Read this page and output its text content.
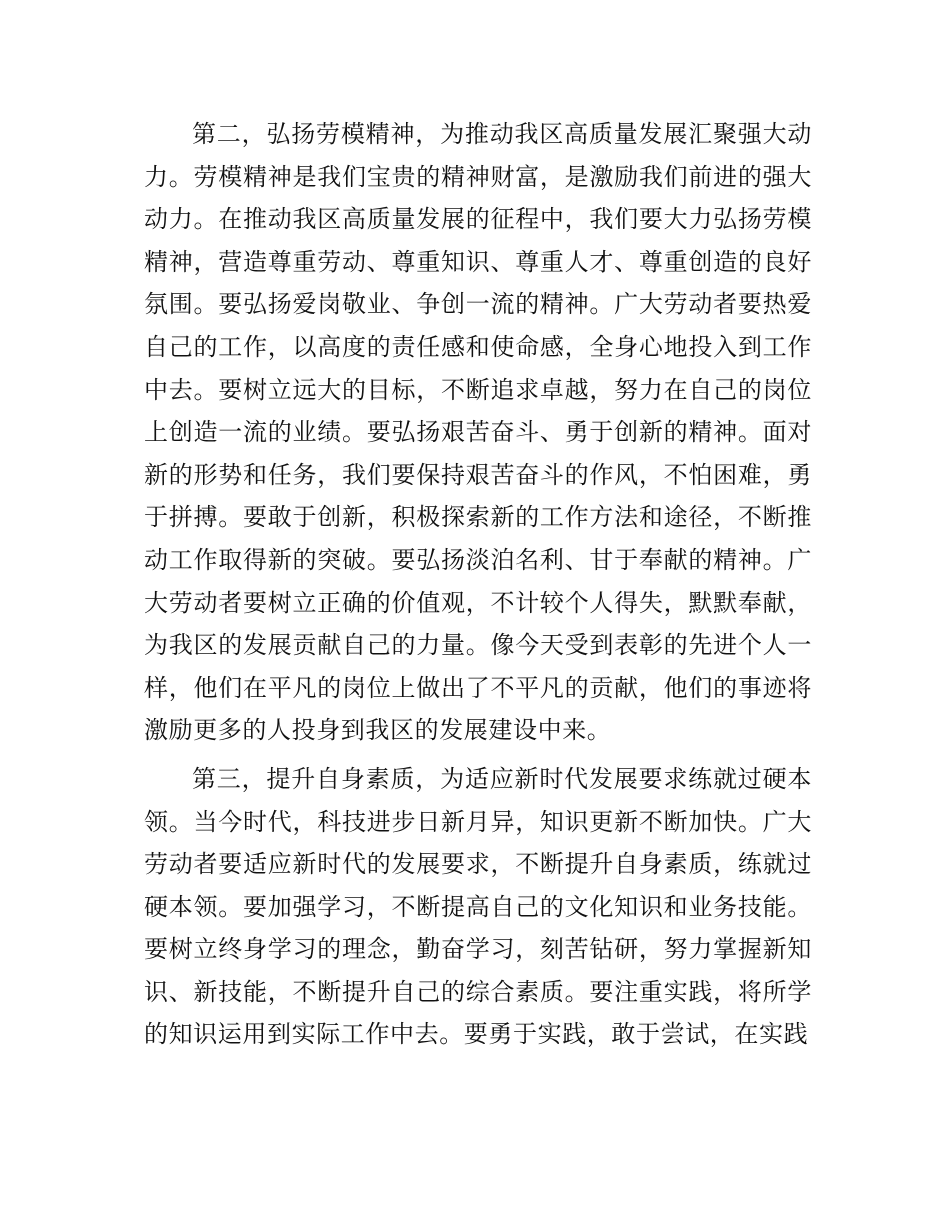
第二，弘扬劳模精神，为推动我区高质量发展汇聚强大动力。劳模精神是我们宝贵的精神财富，是激励我们前进的强大动力。在推动我区高质量发展的征程中，我们要大力弘扬劳模精神，营造尊重劳动、尊重知识、尊重人才、尊重创造的良好氛围。要弘扬爱岗敬业、争创一流的精神。广大劳动者要热爱自己的工作，以高度的责任感和使命感，全身心地投入到工作中去。要树立远大的目标，不断追求卓越，努力在自己的岗位上创造一流的业绩。要弘扬艰苦奋斗、勇于创新的精神。面对新的形势和任务，我们要保持艰苦奋斗的作风，不怕困难，勇于拼搏。要敢于创新，积极探索新的工作方法和途径，不断推动工作取得新的突破。要弘扬淡泊名利、甘于奉献的精神。广大劳动者要树立正确的价值观，不计较个人得失，默默奉献，为我区的发展贡献自己的力量。像今天受到表彰的先进个人一样，他们在平凡的岗位上做出了不平凡的贡献，他们的事迹将激励更多的人投身到我区的发展建设中来。

第三，提升自身素质，为适应新时代发展要求练就过硬本领。当今时代，科技进步日新月异，知识更新不断加快。广大劳动者要适应新时代的发展要求，不断提升自身素质，练就过硬本领。要加强学习，不断提高自己的文化知识和业务技能。要树立终身学习的理念，勤奋学习，刻苦钻研，努力掌握新知识、新技能，不断提升自己的综合素质。要注重实践，将所学的知识运用到实际工作中去。要勇于实践，敢于尝试，在实践
